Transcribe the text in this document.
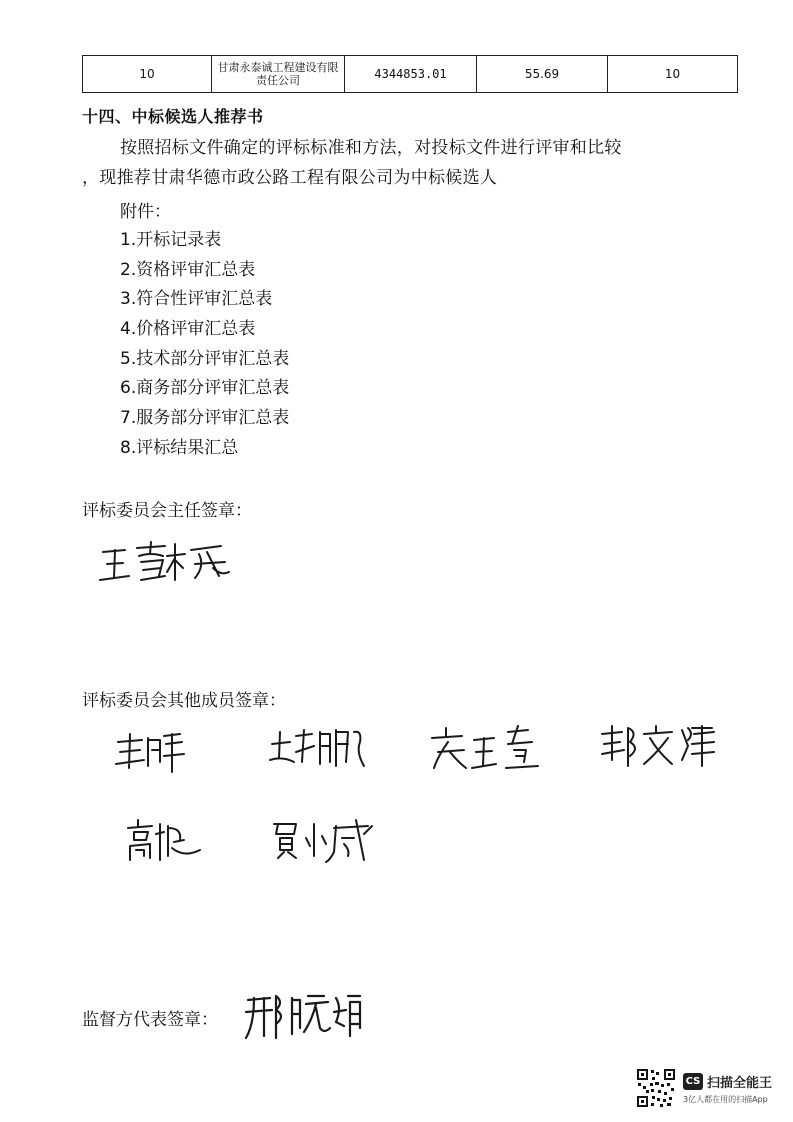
10	甘肃永泰诚工程建设有限责任公司	4344853.01	55.69	10
十四、中标候选人推荐书
按照招标文件确定的评标标准和方法，对投标文件进行评审和比较
，现推荐甘肃华德市政公路工程有限公司为中标候选人
附件：
1.开标记录表
2.资格评审汇总表
3.符合性评审汇总表
4.价格评审汇总表
5.技术部分评审汇总表
6.商务部分评审汇总表
7.服务部分评审汇总表
8.评标结果汇总
评标委员会主任签章：
评标委员会其他成员签章：
监督方代表签章：
CS 扫描全能王
3亿人都在用的扫描App
